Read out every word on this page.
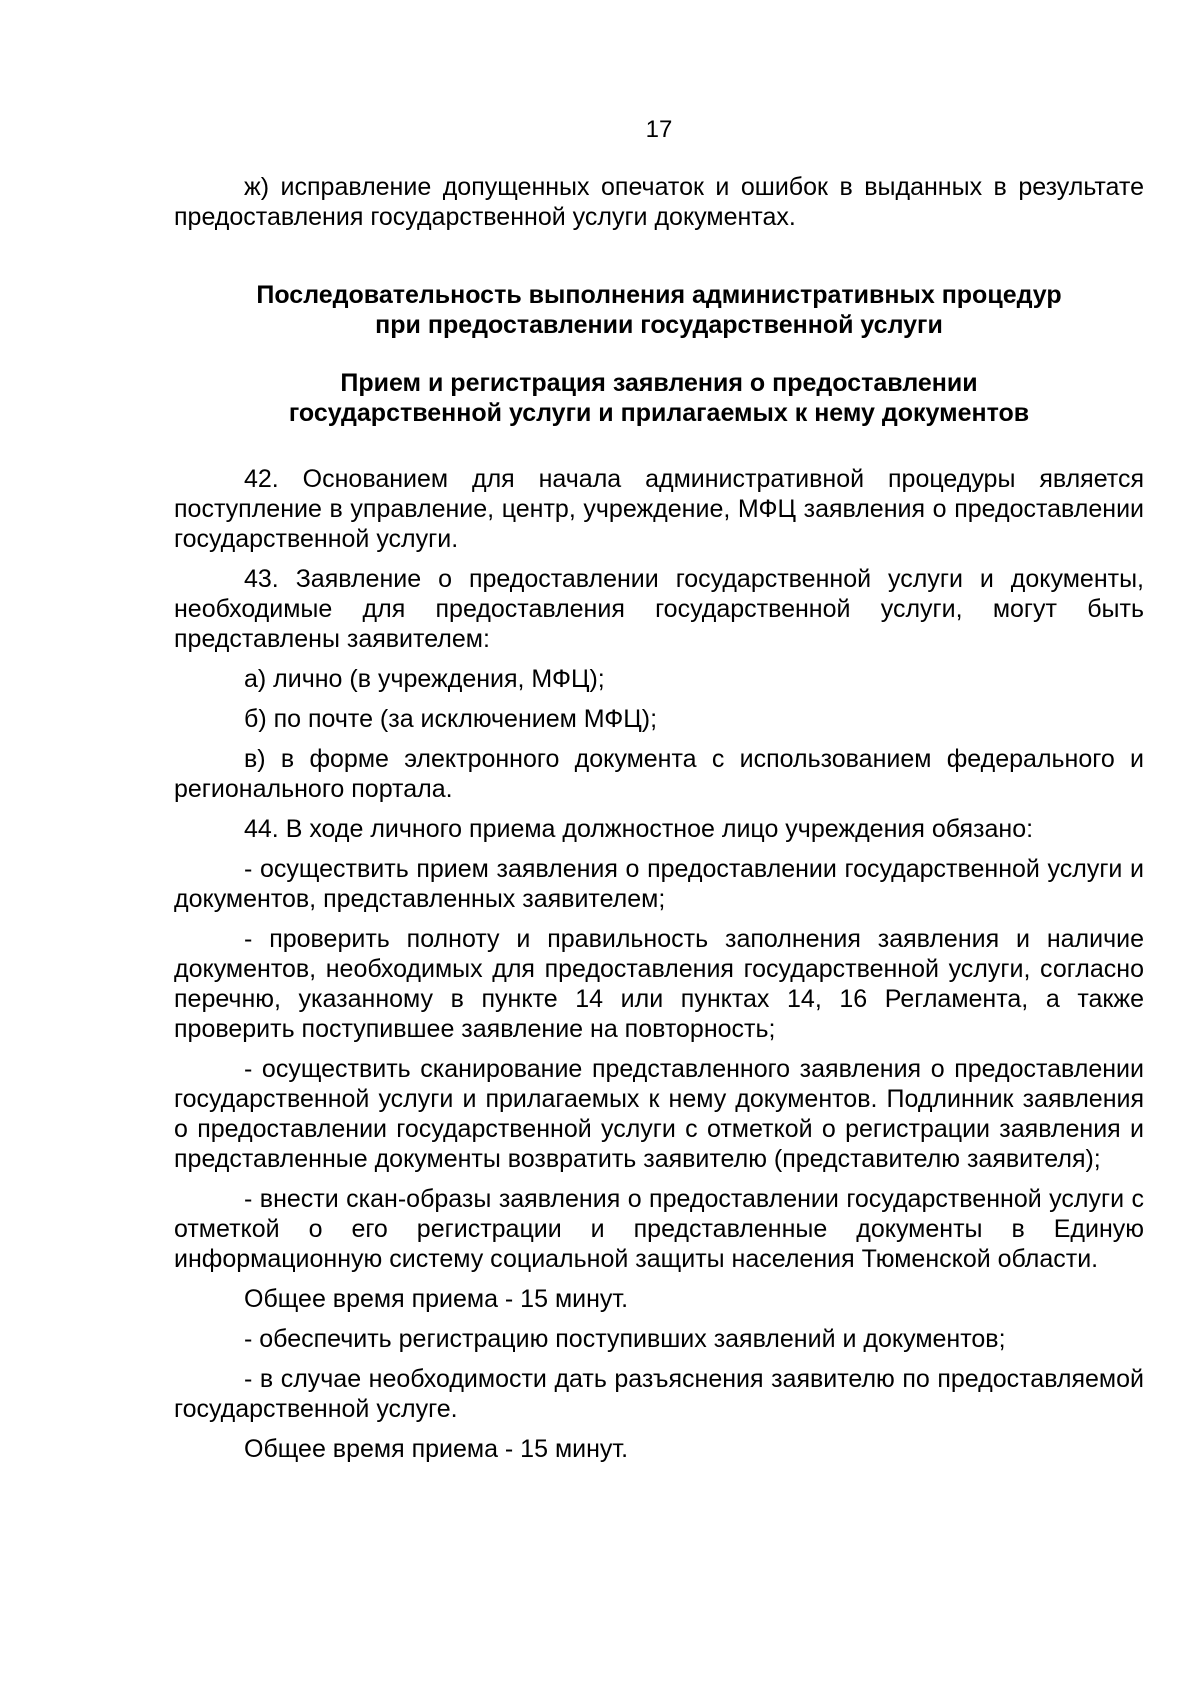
17

ж) исправление допущенных опечаток и ошибок в выданных в результате предоставления государственной услуги документах.

Последовательность выполнения административных процедур

при предоставлении государственной услуги

Прием и регистрация заявления о предоставлении

государственной услуги и прилагаемых к нему документов

42. Основанием для начала административной процедуры является поступление в управление, центр, учреждение, МФЦ заявления о предоставлении государственной услуги.

43. Заявление о предоставлении государственной услуги и документы, необходимые для предоставления государственной услуги, могут быть представлены заявителем:

а) лично (в учреждения, МФЦ);

б) по почте (за исключением МФЦ);

в) в форме электронного документа с использованием федерального и регионального портала.

44. В ходе личного приема должностное лицо учреждения обязано:

- осуществить прием заявления о предоставлении государственной услуги и документов, представленных заявителем;

- проверить полноту и правильность заполнения заявления и наличие документов, необходимых для предоставления государственной услуги, согласно перечню, указанному в пункте 14 или пунктах 14, 16 Регламента, а также проверить поступившее заявление на повторность;

- осуществить сканирование представленного заявления о предоставлении государственной услуги и прилагаемых к нему документов. Подлинник заявления о предоставлении государственной услуги с отметкой о регистрации заявления и представленные документы возвратить заявителю (представителю заявителя);

- внести скан-образы заявления о предоставлении государственной услуги с отметкой о его регистрации и представленные документы в Единую информационную систему социальной защиты населения Тюменской области.

Общее время приема - 15 минут.

- обеспечить регистрацию поступивших заявлений и документов;

- в случае необходимости дать разъяснения заявителю по предоставляемой государственной услуге.

Общее время приема - 15 минут.
